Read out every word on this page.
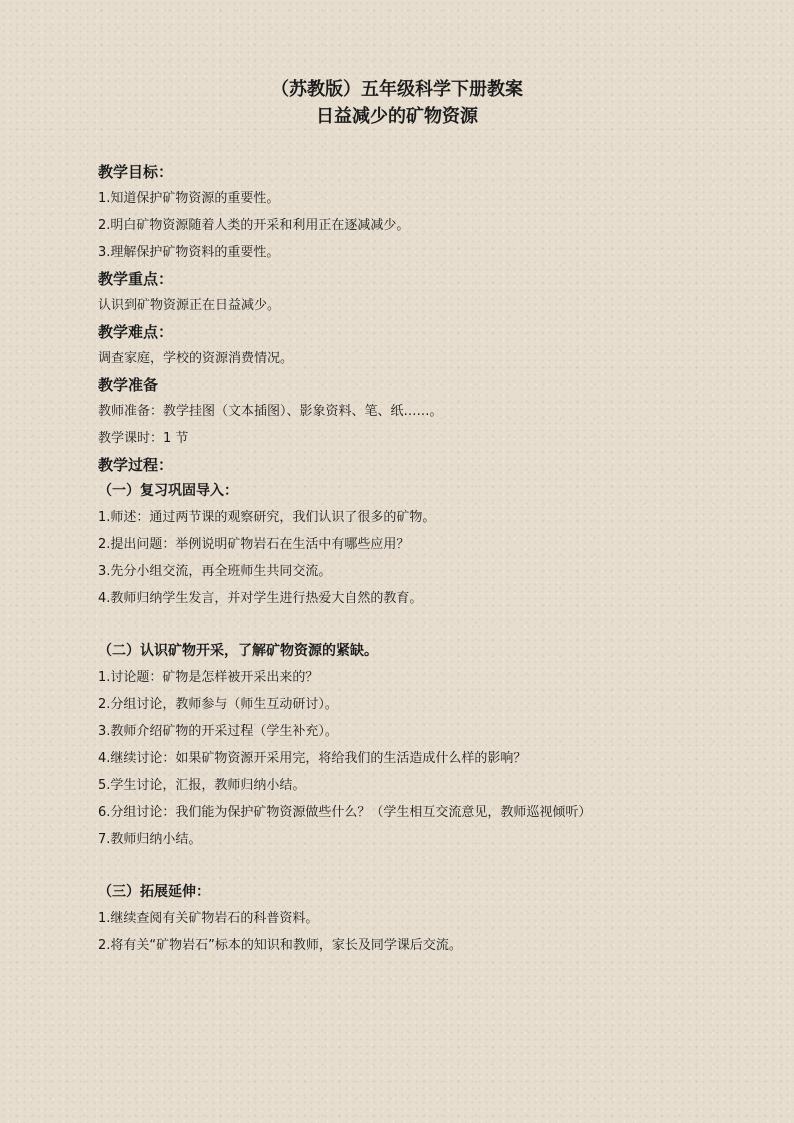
（苏教版）五年级科学下册教案
日益减少的矿物资源
教学目标：
1.知道保护矿物资源的重要性。
2.明白矿物资源随着人类的开采和利用正在逐减减少。
3.理解保护矿物资料的重要性。
教学重点：
认识到矿物资源正在日益减少。
教学难点：
调查家庭，学校的资源消费情况。
教学准备
教师准备：教学挂图（文本插图）、影象资料、笔、纸……。
教学课时：1 节
教学过程：
（一）复习巩固导入：
1.师述：通过两节课的观察研究，我们认识了很多的矿物。
2.提出问题：举例说明矿物岩石在生活中有哪些应用？
3.先分小组交流，再全班师生共同交流。
4.教师归纳学生发言，并对学生进行热爱大自然的教育。
（二）认识矿物开采，了解矿物资源的紧缺。
1.讨论题：矿物是怎样被开采出来的？
2.分组讨论，教师参与（师生互动研讨）。
3.教师介绍矿物的开采过程（学生补充）。
4.继续讨论：如果矿物资源开采用完，将给我们的生活造成什么样的影响？
5.学生讨论，汇报，教师归纳小结。
6.分组讨论：我们能为保护矿物资源做些什么？（学生相互交流意见，教师巡视倾听）
7.教师归纳小结。
（三）拓展延伸：
1.继续查阅有关矿物岩石的科普资料。
2.将有关“矿物岩石”标本的知识和教师，家长及同学课后交流。
